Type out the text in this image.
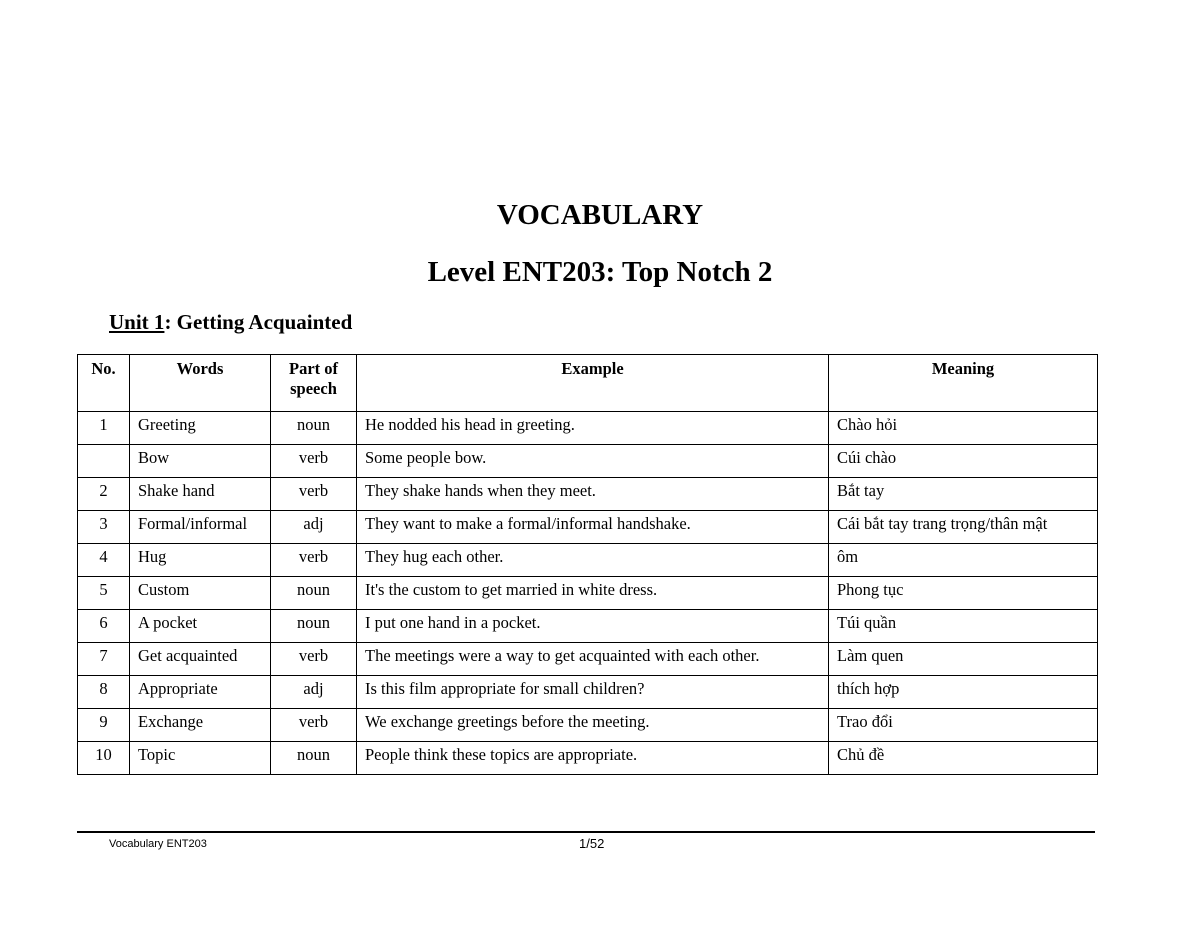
VOCABULARY
Level ENT203: Top Notch 2

Unit 1: Getting Acquainted

No.	Words	Part of speech	Example	Meaning
1	Greeting	noun	He nodded his head in greeting.	Chào hỏi
	Bow	verb	Some people bow.	Cúi chào
2	Shake hand	verb	They shake hands when they meet.	Bắt tay
3	Formal/informal	adj	They want to make a formal/informal handshake.	Cái bắt tay trang trọng/thân mật
4	Hug	verb	They hug each other.	ôm
5	Custom	noun	It's the custom to get married in white dress.	Phong tục
6	A pocket	noun	I put one hand in a pocket.	Túi quần
7	Get acquainted	verb	The meetings were a way to get acquainted with each other.	Làm quen
8	Appropriate	adj	Is this film appropriate for small children?	thích hợp
9	Exchange	verb	We exchange greetings before the meeting.	Trao đổi
10	Topic	noun	People think these topics are appropriate.	Chủ đề
Vocabulary ENT203	1/52
